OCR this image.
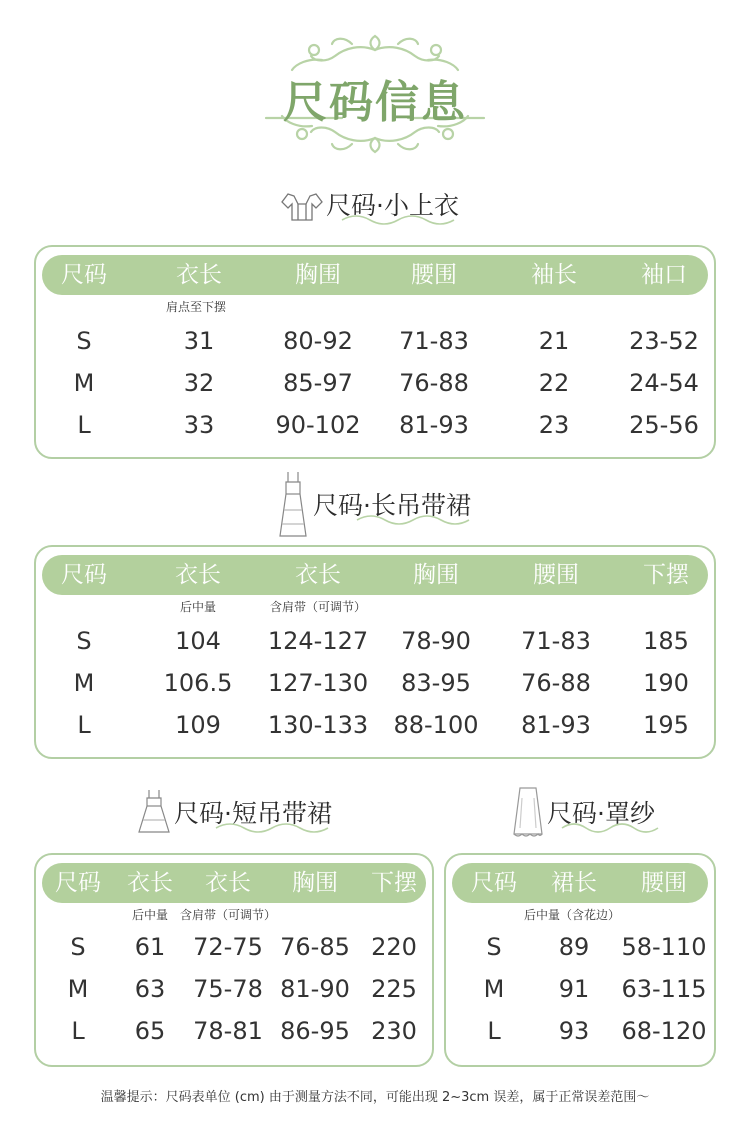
尺码信息
尺码·小上衣
尺码	衣长	胸围	腰围	袖长	袖口
肩点至下摆
S	31	80-92	71-83	21	23-52
M	32	85-97	76-88	22	24-54
L	33	90-102	81-93	23	25-56
尺码·长吊带裙
尺码	衣长	衣长	胸围	腰围	下摆
后中量	含肩带（可调节）
S	104	124-127	78-90	71-83	185
M	106.5	127-130	83-95	76-88	190
L	109	130-133	88-100	81-93	195
尺码·短吊带裙
尺码	衣长	衣长	胸围	下摆
后中量 含肩带（可调节）
S	61	72-75 76-85 220
M	63	75-78 81-90 225
L	65	78-81 86-95 230
尺码·罩纱
尺码	裙长	腰围
后中量（含花边）
S	89	58-110
M	91	63-115
L	93	68-120
温馨提示：尺码表单位 (cm) 由于测量方法不同，可能出现 2~3cm 误差，属于正常误差范围～
